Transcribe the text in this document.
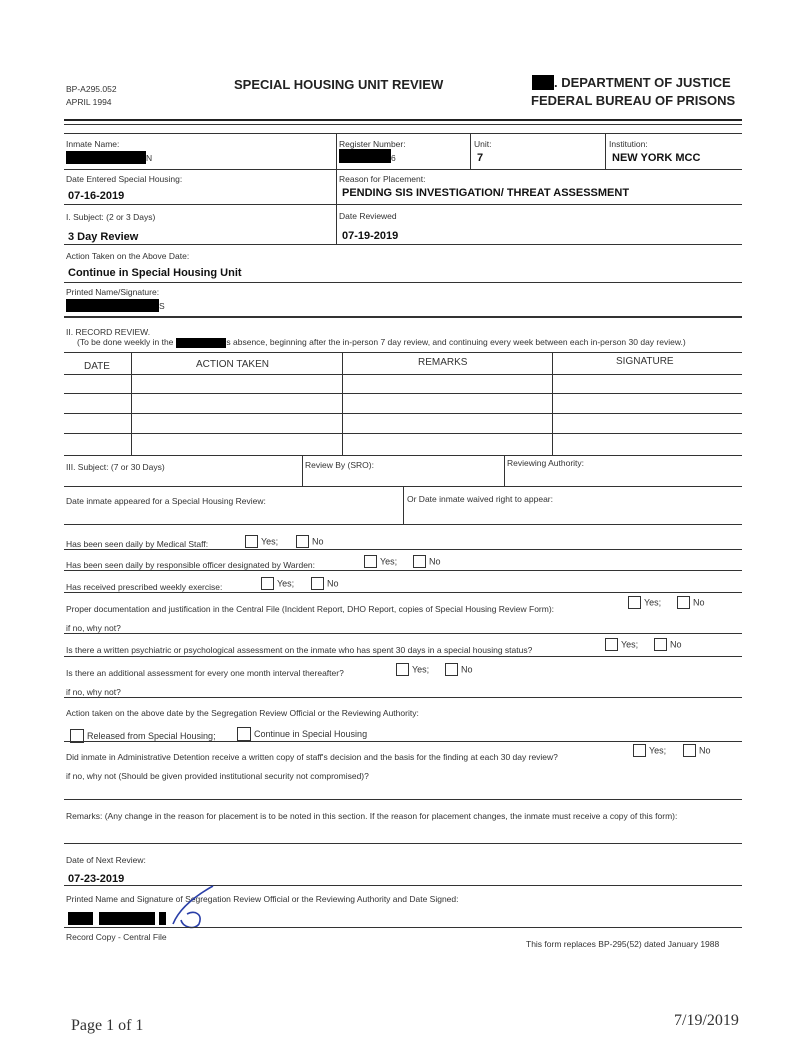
BP-A295.052
APRIL 1994
SPECIAL HOUSING UNIT REVIEW	. DEPARTMENT OF JUSTICE
FEDERAL BUREAU OF PRISONS
Inmate Name:
N
Register Number:
6
Unit:
7
Institution:
NEW YORK MCC
Date Entered Special Housing:
07-16-2019
Reason for Placement:
PENDING SIS INVESTIGATION/ THREAT ASSESSMENT
I. Subject: (2 or 3 Days)
3 Day Review
Date Reviewed
07-19-2019
Action Taken on the Above Date:
Continue in Special Housing Unit
Printed Name/Signature:
S
II. RECORD REVIEW.
(To be done weekly in the	s absence, beginning after the in-person 7 day review, and continuing every week between each in-person 30 day review.)
DATE	ACTION TAKEN	REMARKS	SIGNATURE
III. Subject: (7 or 30 Days)	Review By (SRO):	Reviewing Authority:
Date inmate appeared for a Special Housing Review:	Or Date inmate waived right to appear:
Has been seen daily by Medical Staff:	Yes;	No
Has been seen daily by responsible officer designated by Warden:	Yes;	No
Has received prescribed weekly exercise:	Yes;	No
Proper documentation and justification in the Central File (Incident Report, DHO Report, copies of Special Housing Review Form):
Yes;	No
if no, why not?
Is there a written psychiatric or psychological assessment on the inmate who has spent 30 days in a special housing status?
Yes;	No
Is there an additional assessment for every one month interval thereafter?	Yes;	No
if no, why not?
Action taken on the above date by the Segregation Review Official or the Reviewing Authority:
Released from Special Housing;	Continue in Special Housing
Did inmate in Administrative Detention receive a written copy of staff's decision and the basis for the finding at each 30 day review?
Yes;	No
if no, why not (Should be given provided institutional security not compromised)?
Remarks: (Any change in the reason for placement is to be noted in this section. If the reason for placement changes, the inmate must receive a copy of this form):
Date of Next Review:
07-23-2019
Printed Name and Signature of Segregation Review Official or the Reviewing Authority and Date Signed:
Record Copy - Central File
This form replaces BP-295(52) dated January 1988
Page 1 of 1	7/19/2019
